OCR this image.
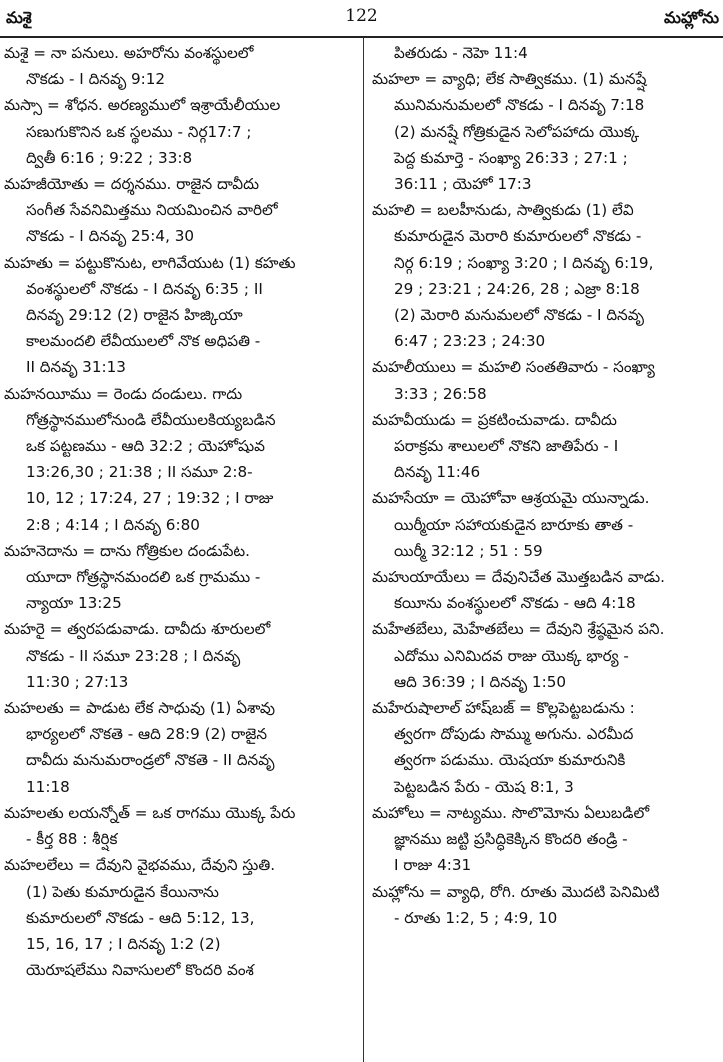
మశై	122	మహ్లోను

మశై = నా పనులు. అహరోను వంశస్థులలో

నొకడు - I దినవృ 9:12

మస్సా = శోధన. అరణ్యములో ఇశ్రాయేలీయుల

సణుగుకొనిన ఒక స్థలము - నిర్గ17:7 ;

ద్వితీ 6:16 ; 9:22 ; 33:8

మహజీయోతు = దర్శనము. రాజైన దావీదు

సంగీత సేవనిమిత్తము నియమించిన వారిలో

నొకడు - I దినవృ 25:4, 30

మహతు = పట్టుకొనుట, లాగివేయుట (1) కహతు

వంశస్థులలో నొకడు - I దినవృ 6:35 ; II

దినవృ 29:12 (2) రాజైన హిజ్కియా

కాలమందలి లేవీయులలో నొక అధిపతి -

II దినవృ 31:13

మహనయీము = రెండు దండులు. గాదు

గోత్రస్థానములోనుండి లేవీయులకియ్యబడిన

ఒక పట్టణము - ఆది 32:2 ; యెహోషువ

13:26,30 ; 21:38 ; II సమూ 2:8-

10, 12 ; 17:24, 27 ; 19:32 ; I రాజు

2:8 ; 4:14 ; I దినవృ 6:80

మహనెదాను = దాను గోత్రికుల దండుపేట.

యూదా గోత్రస్థానమందలి ఒక గ్రామము -

న్యాయా 13:25

మహరై = త్వరపడువాడు. దావీదు శూరులలో

నొకడు - II సమూ 23:28 ; I దినవృ

11:30 ; 27:13

మహలతు = పాడుట లేక సాధువు (1) ఏశావు

భార్యలలో నొకతె - ఆది 28:9 (2) రాజైన

దావీదు మనుమరాండ్రలో నొకతె - II దినవృ

11:18

మహలతు లయన్నోత్ = ఒక రాగము యొక్క పేరు

- కీర్త 88 : శీర్షిక

మహలలేలు = దేవుని వైభవము, దేవుని స్తుతి.

(1) పెతు కుమారుడైన కేయినాను

కుమారులలో నొకడు - ఆది 5:12, 13,

15, 16, 17 ; I దినవృ 1:2 (2)

యెరూషలేము నివాసులలో కొందరి వంశ

పితరుడు - నెహె 11:4

మహలా = వ్యాధి; లేక సాత్వికము. (1) మనష్షే

మునిమనుమలలో నొకడు - I దినవృ 7:18

(2) మనష్షే గోత్రికుడైన సెలోపహాదు యొక్క

పెద్ద కుమార్తె - సంఖ్యా 26:33 ; 27:1 ;

36:11 ; యెహో 17:3

మహలి = బలహీనుడు, సాత్వికుడు (1) లేవి

కుమారుడైన మెరారి కుమారులలో నొకడు -

నిర్గ 6:19 ; సంఖ్యా 3:20 ; I దినవృ 6:19,

29 ; 23:21 ; 24:26, 28 ; ఎజ్రా 8:18

(2) మెరారి మనుమలలో నొకడు - I దినవృ

6:47 ; 23:23 ; 24:30

మహలీయులు = మహలి సంతతివారు - సంఖ్యా

3:33 ; 26:58

మహవీయుడు = ప్రకటించువాడు. దావీదు

పరాక్రమ శాలులలో నొకని జాతిపేరు - I

దినవృ 11:46

మహసేయా = యెహోవా ఆశ్రయమై యున్నాడు.

యిర్మీయా సహాయకుడైన బారూకు తాత -

యిర్మీ 32:12 ; 51 : 59

మహుయాయేలు = దేవునిచేత మొత్తబడిన వాడు.

కయీను వంశస్థులలో నొకడు - ఆది 4:18

మహేతబేలు, మెహేతబేలు = దేవుని శ్రేష్ఠమైన పని.

ఎదోము ఎనిమిదవ రాజు యొక్క భార్య -

ఆది 36:39 ; I దినవృ 1:50

మహేరుషాలాల్ హాష్‌బజ్ = కొల్లపెట్టబడును :

త్వరగా దోపుడు సొమ్ము అగును. ఎరమీద

త్వరగా పడుము. యెషయా కుమారునికి

పెట్టబడిన పేరు - యెష 8:1, 3

మహోలు = నాట్యము. సొలొమోను ఏలుబడిలో

జ్ఞానము జట్టి ప్రసిద్ధికెక్కిన కొందరి తండ్రి -

I రాజు 4:31

మహ్లోను = వ్యాధి, రోగి. రూతు మొదటి పెనిమిటి

- రూతు 1:2, 5 ; 4:9, 10
